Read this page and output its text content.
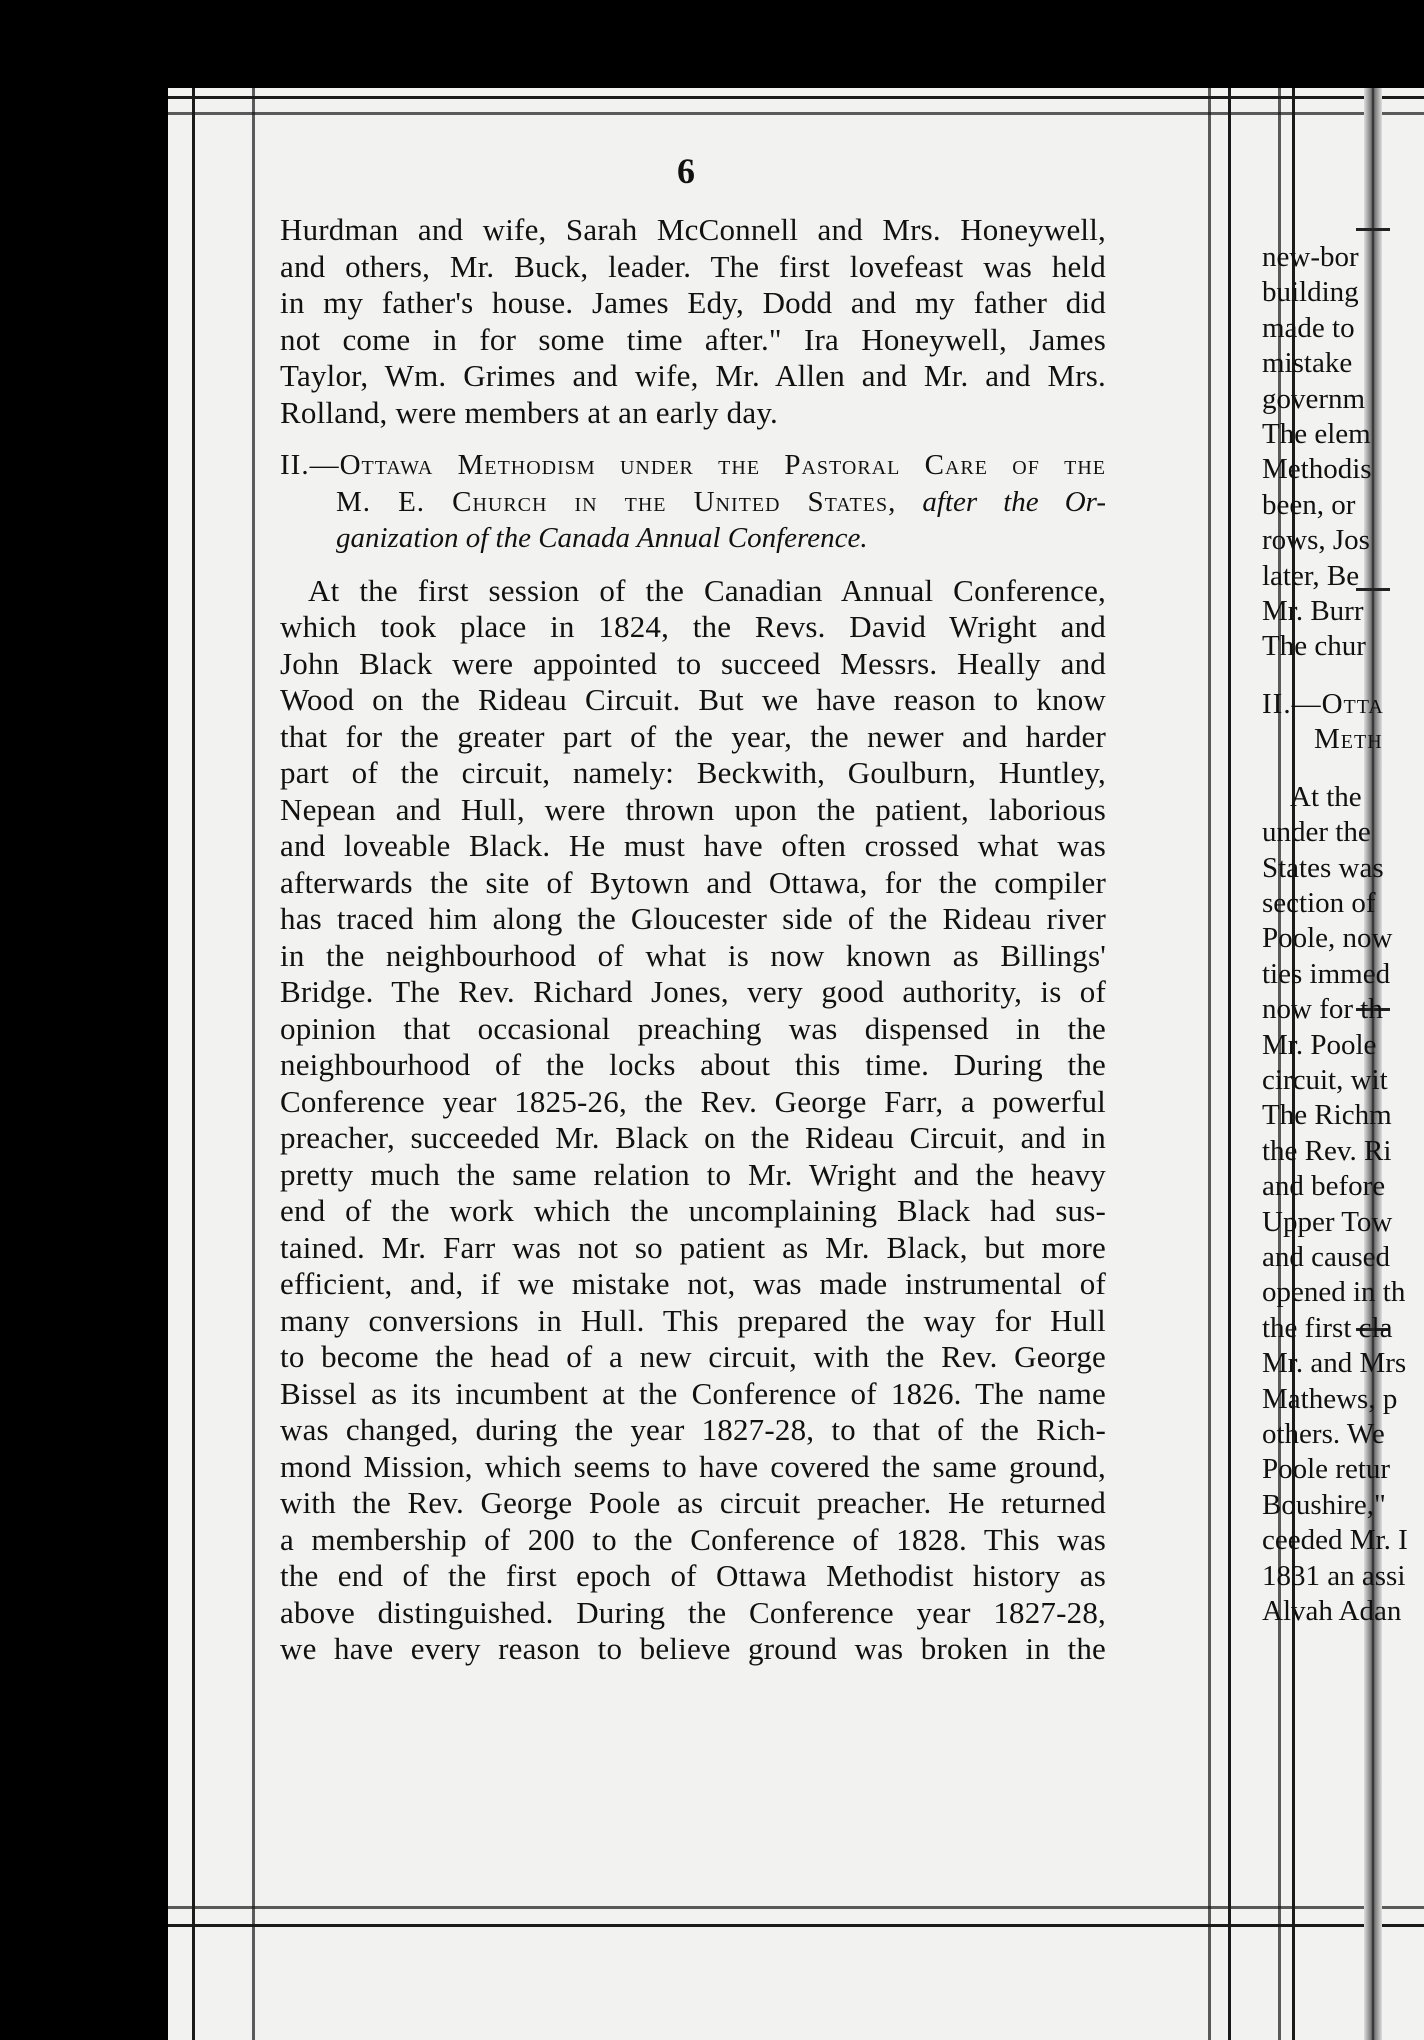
6
Hurdman and wife, Sarah McConnell and Mrs. Honeywell,
and others, Mr. Buck, leader. The first lovefeast was held
in my father's house. James Edy, Dodd and my father did
not come in for some time after." Ira Honeywell, James
Taylor, Wm. Grimes and wife, Mr. Allen and Mr. and Mrs.
Rolland, were members at an early day.
II.—Ottawa Methodism under the Pastoral Care of the
M. E. Church in the United States, after the Or-
ganization of the Canada Annual Conference.
At the first session of the Canadian Annual Conference,
which took place in 1824, the Revs. David Wright and
John Black were appointed to succeed Messrs. Heally and
Wood on the Rideau Circuit. But we have reason to know
that for the greater part of the year, the newer and harder
part of the circuit, namely: Beckwith, Goulburn, Huntley,
Nepean and Hull, were thrown upon the patient, laborious
and loveable Black. He must have often crossed what was
afterwards the site of Bytown and Ottawa, for the compiler
has traced him along the Gloucester side of the Rideau river
in the neighbourhood of what is now known as Billings'
Bridge. The Rev. Richard Jones, very good authority, is of
opinion that occasional preaching was dispensed in the
neighbourhood of the locks about this time. During the
Conference year 1825-26, the Rev. George Farr, a powerful
preacher, succeeded Mr. Black on the Rideau Circuit, and in
pretty much the same relation to Mr. Wright and the heavy
end of the work which the uncomplaining Black had sus-
tained. Mr. Farr was not so patient as Mr. Black, but more
efficient, and, if we mistake not, was made instrumental of
many conversions in Hull. This prepared the way for Hull
to become the head of a new circuit, with the Rev. George
Bissel as its incumbent at the Conference of 1826. The name
was changed, during the year 1827-28, to that of the Rich-
mond Mission, which seems to have covered the same ground,
with the Rev. George Poole as circuit preacher. He returned
a membership of 200 to the Conference of 1828. This was
the end of the first epoch of Ottawa Methodist history as
above distinguished. During the Conference year 1827-28,
we have every reason to believe ground was broken in the
new-bor
building
made to
mistake
governm
The elem
Methodis
been, or
rows, Jos
later, Be
Mr. Burr
The chur
II.—Otta
Meth
At the
under the
States was
section of
Poole, now
ties immed
now for th
Mr. Poole
circuit, wit
The Richm
the Rev. Ri
and before
Upper Tow
and caused
opened in th
the first cla
Mr. and Mrs
Mathews, p
others. We
Poole retur
Boushire,"
ceeded Mr. I
1831 an assi
Alvah Adan
